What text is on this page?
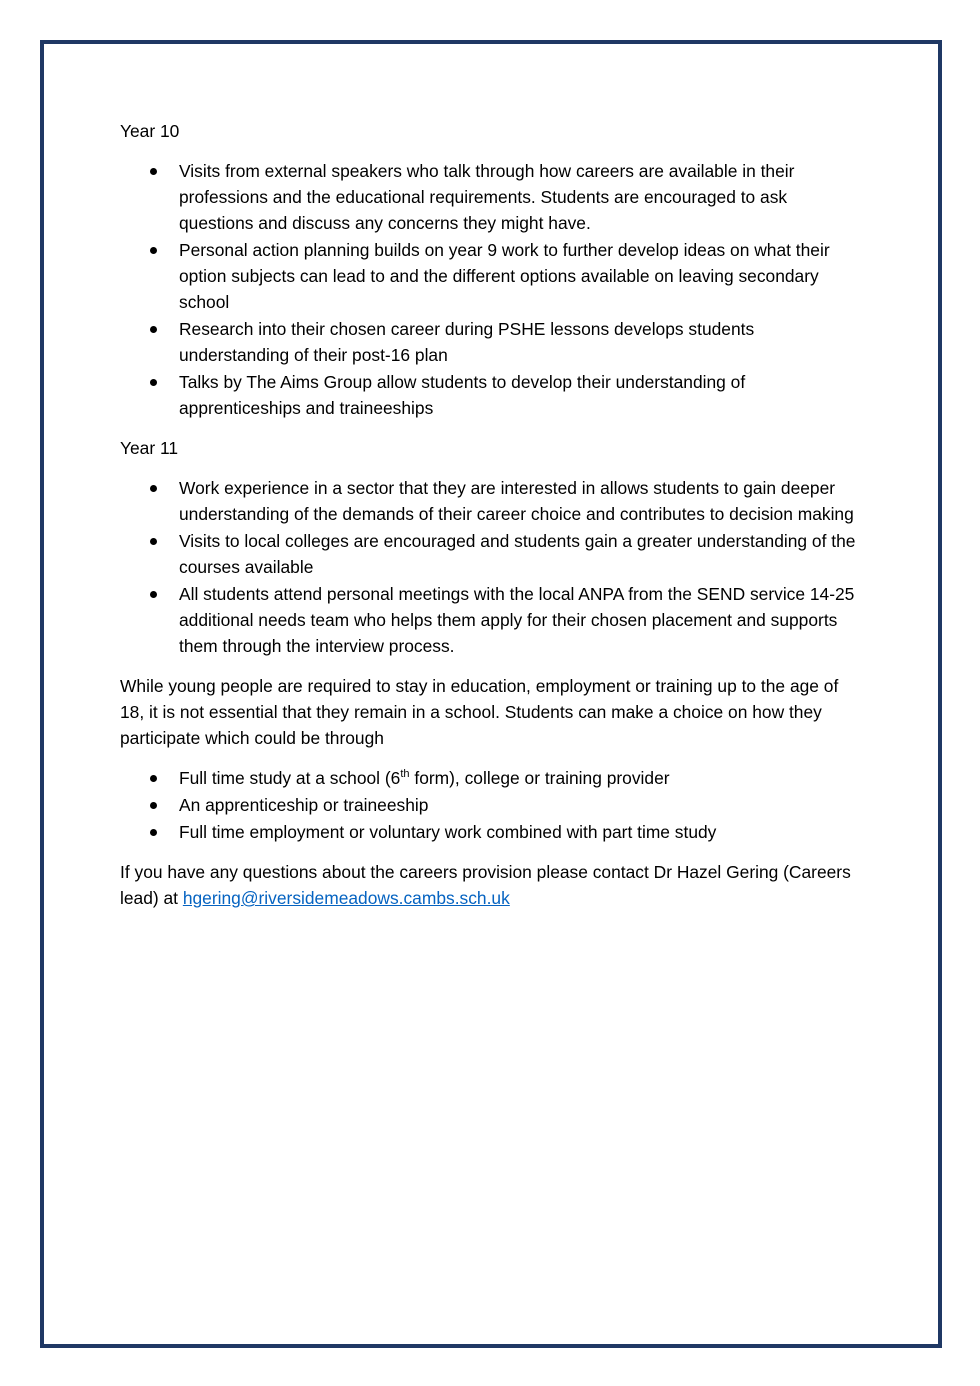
Year 10
Visits from external speakers who talk through how careers are available in their professions and the educational requirements. Students are encouraged to ask questions and discuss any concerns they might have.
Personal action planning builds on year 9 work to further develop ideas on what their option subjects can lead to and the different options available on leaving secondary school
Research into their chosen career during PSHE lessons develops students understanding of their post-16 plan
Talks by The Aims Group allow students to develop their understanding of apprenticeships and traineeships
Year 11
Work experience in a sector that they are interested in allows students to gain deeper understanding of the demands of their career choice and contributes to decision making
Visits to local colleges are encouraged and students gain a greater understanding of the courses available
All students attend personal meetings with the local ANPA from the SEND service 14-25 additional needs team who helps them apply for their chosen placement and supports them through the interview process.
While young people are required to stay in education, employment or training up to the age of 18, it is not essential that they remain in a school. Students can make a choice on how they participate which could be through
Full time study at a school (6th form), college or training provider
An apprenticeship or traineeship
Full time employment or voluntary work combined with part time study
If you have any questions about the careers provision please contact Dr Hazel Gering (Careers lead) at hgering@riversidemeadows.cambs.sch.uk
